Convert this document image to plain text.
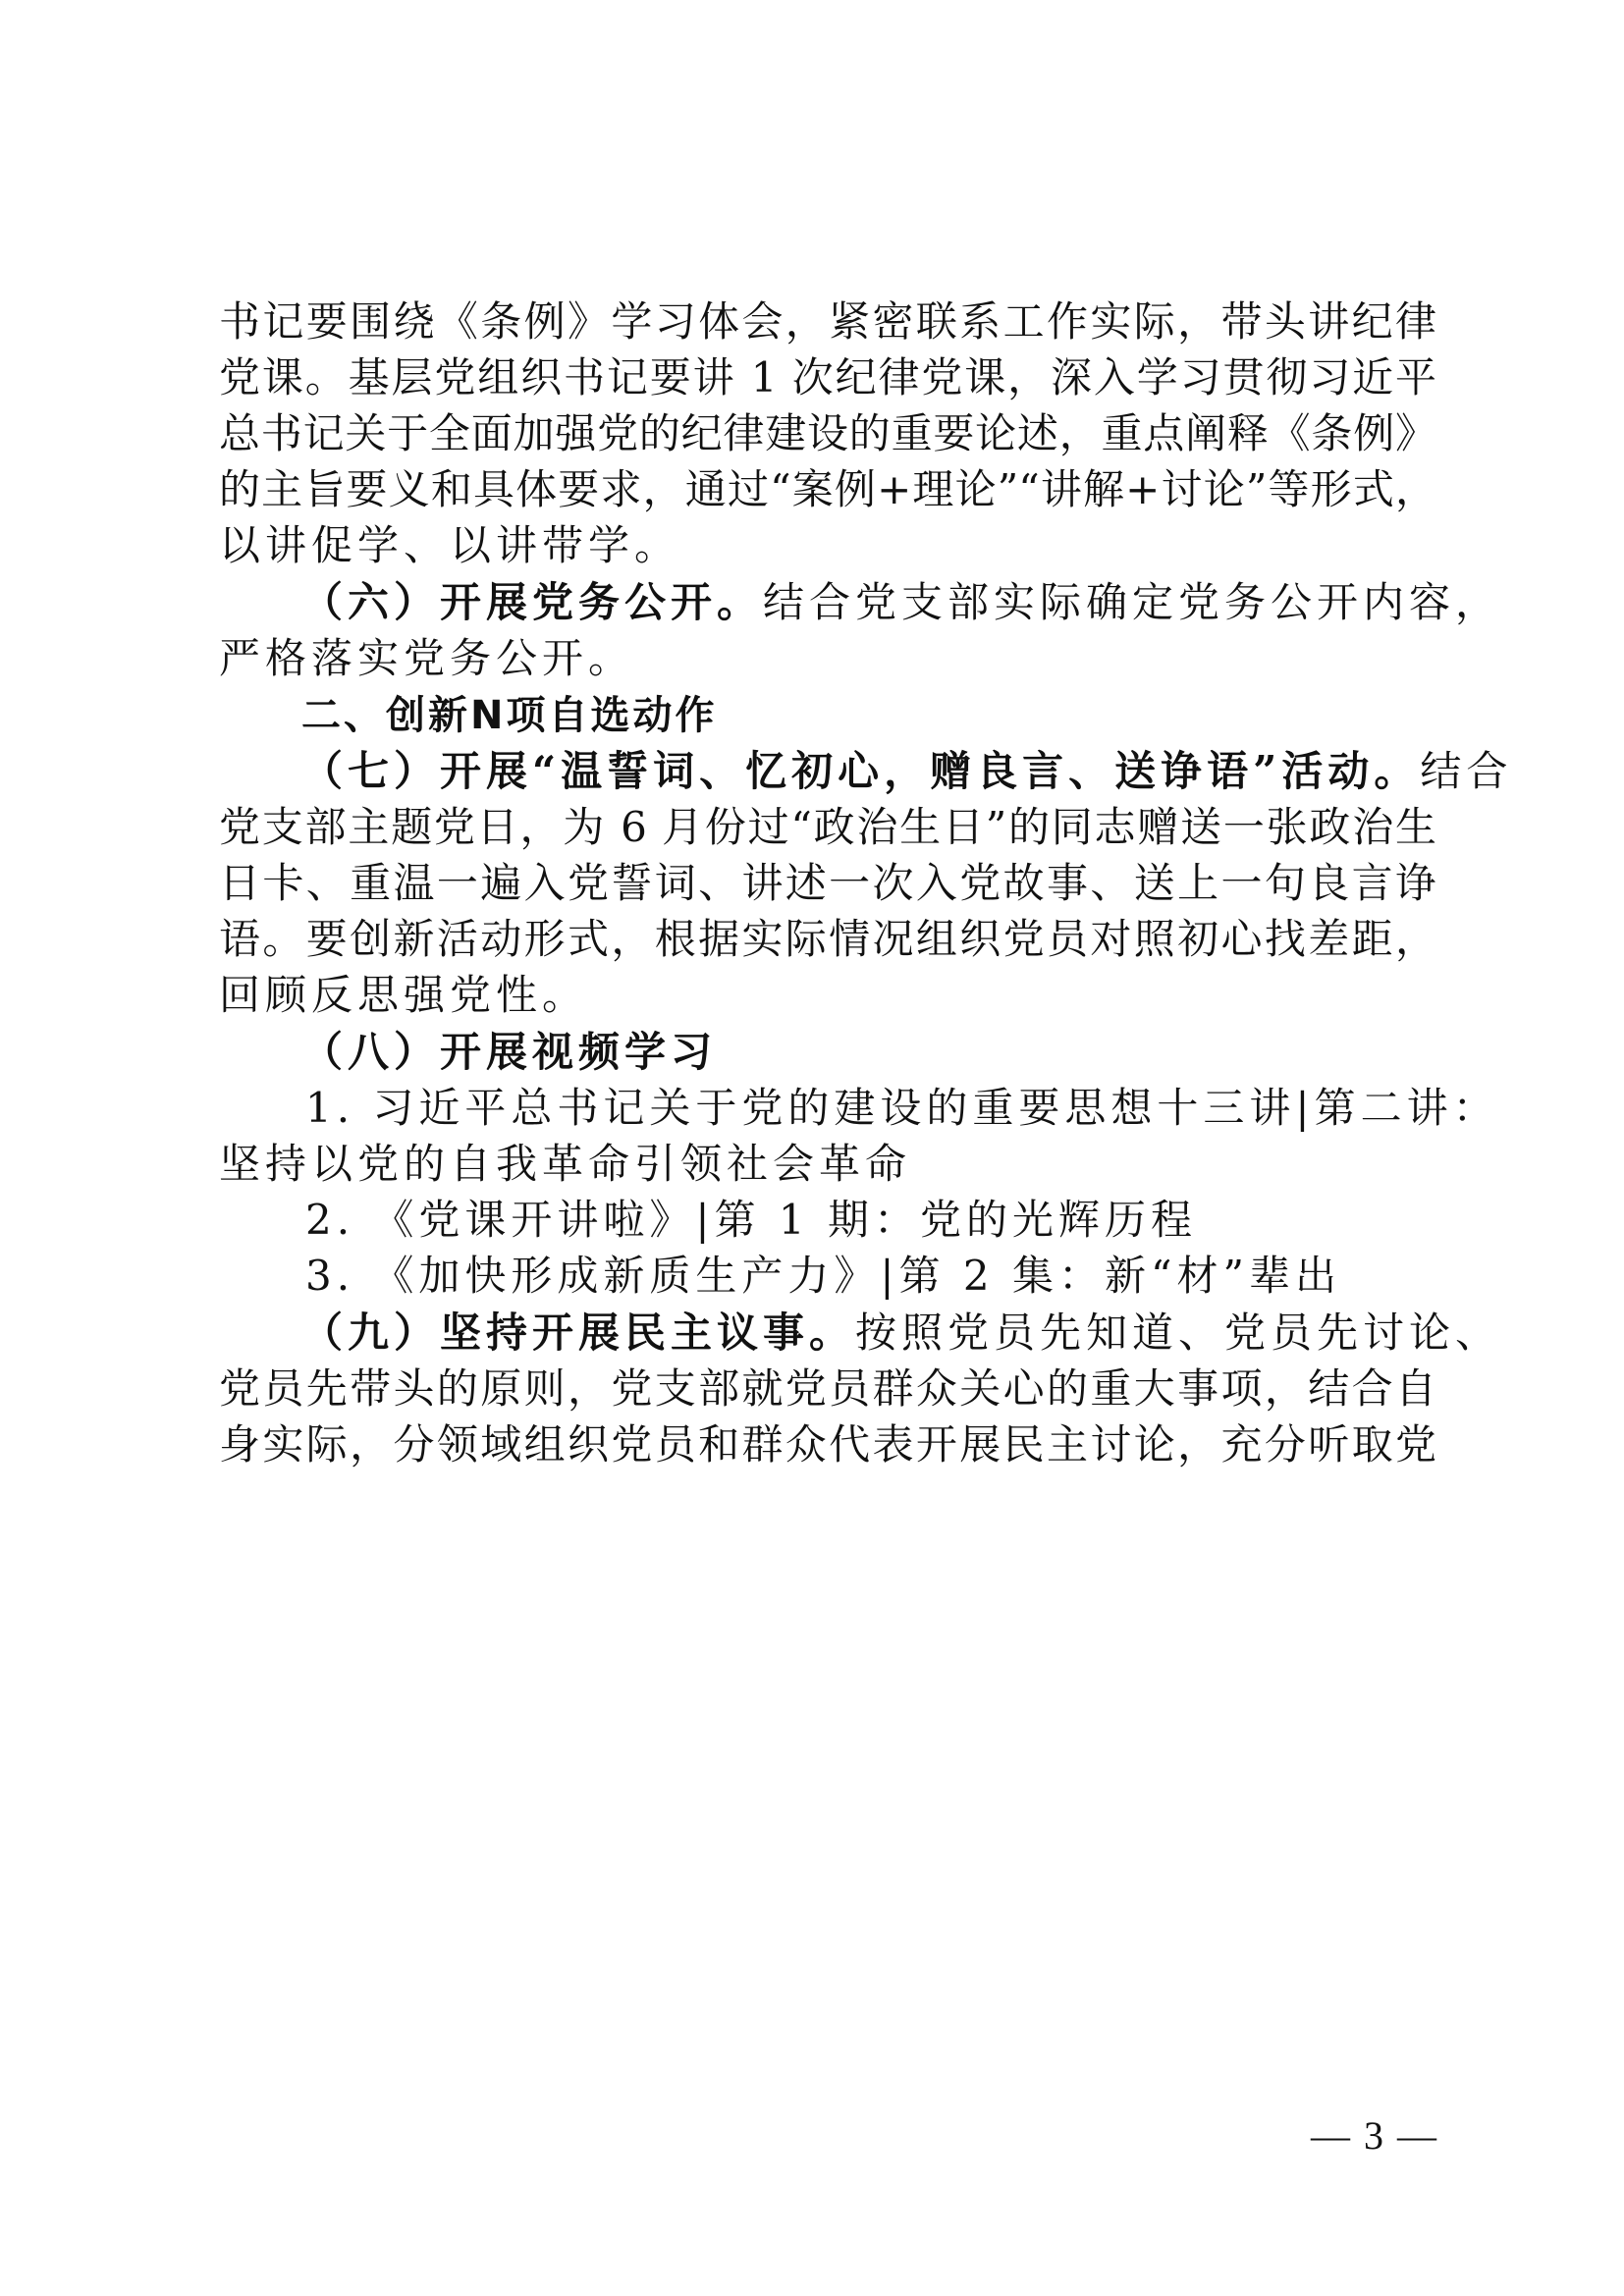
书记要围绕《条例》学习体会，紧密联系工作实际，带头讲纪律
党课。基层党组织书记要讲 1 次纪律党课，深入学习贯彻习近平
总书记关于全面加强党的纪律建设的重要论述，重点阐释《条例》
的主旨要义和具体要求，通过“案例+理论”“讲解+讨论”等形式，
以讲促学、以讲带学。
（六）开展党务公开。结合党支部实际确定党务公开内容，
严格落实党务公开。
二、创新N项自选动作
（七）开展“温誓词、忆初心，赠良言、送诤语”活动。结合
党支部主题党日，为 6 月份过“政治生日”的同志赠送一张政治生
日卡、重温一遍入党誓词、讲述一次入党故事、送上一句良言诤
语。要创新活动形式，根据实际情况组织党员对照初心找差距，
回顾反思强党性。
（八）开展视频学习
1. 习近平总书记关于党的建设的重要思想十三讲|第二讲：
坚持以党的自我革命引领社会革命
2. 《党课开讲啦》|第 1 期：党的光辉历程
3. 《加快形成新质生产力》|第 2 集：新“材”辈出
（九）坚持开展民主议事。按照党员先知道、党员先讨论、
党员先带头的原则，党支部就党员群众关心的重大事项，结合自
身实际，分领域组织党员和群众代表开展民主讨论，充分听取党
— 3 —
